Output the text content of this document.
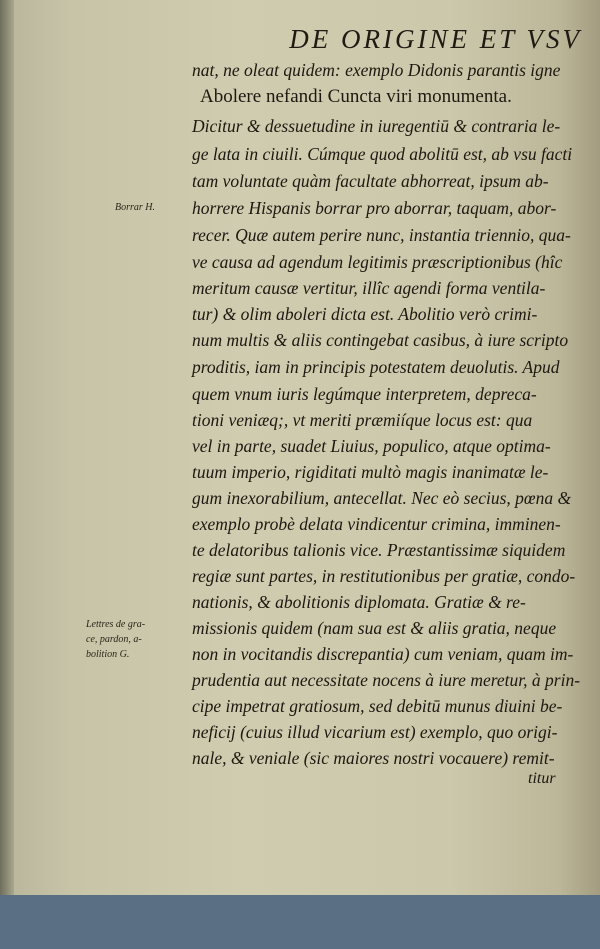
DE ORIGINE ET VSV
Borrar H.
Lettres de gra-
ce, pardon, a-
bolition G.
nat, ne oleat quidem: exemplo Didonis parantis igne
Abolere nefandi Cuncta viri monumenta.
Dicitur & dessuetudine in iuregentiū & contraria le-
ge lata in ciuili. Cúmque quod abolitū est, ab vsu facti
tam voluntate quàm facultate abhorreat, ipsum ab-
horrere Hispanis borrar pro aborrar, taquam, abor-
recer. Quæ autem perire nunc, instantia triennio, qua-
ve causa ad agendum legitimis præscriptionibus (hîc
meritum causæ vertitur, illîc agendi forma ventila-
tur) & olim aboleri dicta est. Abolitio verò crimi-
num multis & aliis contingebat casibus, à iure scripto
proditis, iam in principis potestatem deuolutis. Apud
quem vnum iuris legúmque interpretem, depreca-
tioni veniæq;, vt meriti præmiíque locus est: qua
vel in parte, suadet Liuius, populico, atque optima-
tuum imperio, rigiditati multò magis inanimatæ le-
gum inexorabilium, antecellat. Nec eò secius, pœna &
exemplo probè delata vindicentur crimina, imminen-
te delatoribus talionis vice. Præstantissimæ siquidem
regiæ sunt partes, in restitutionibus per gratiæ, condo-
nationis, & abolitionis diplomata. Gratiæ & re-
missionis quidem (nam sua est & aliis gratia, neque
non in vocitandis discrepantia) cum veniam, quam im-
prudentia aut necessitate nocens à iure meretur, à prin-
cipe impetrat gratiosum, sed debitū munus diuini be-
neficij (cuius illud vicarium est) exemplo, quo origi-
nale, & veniale (sic maiores nostri vocauere) remit-
titur
